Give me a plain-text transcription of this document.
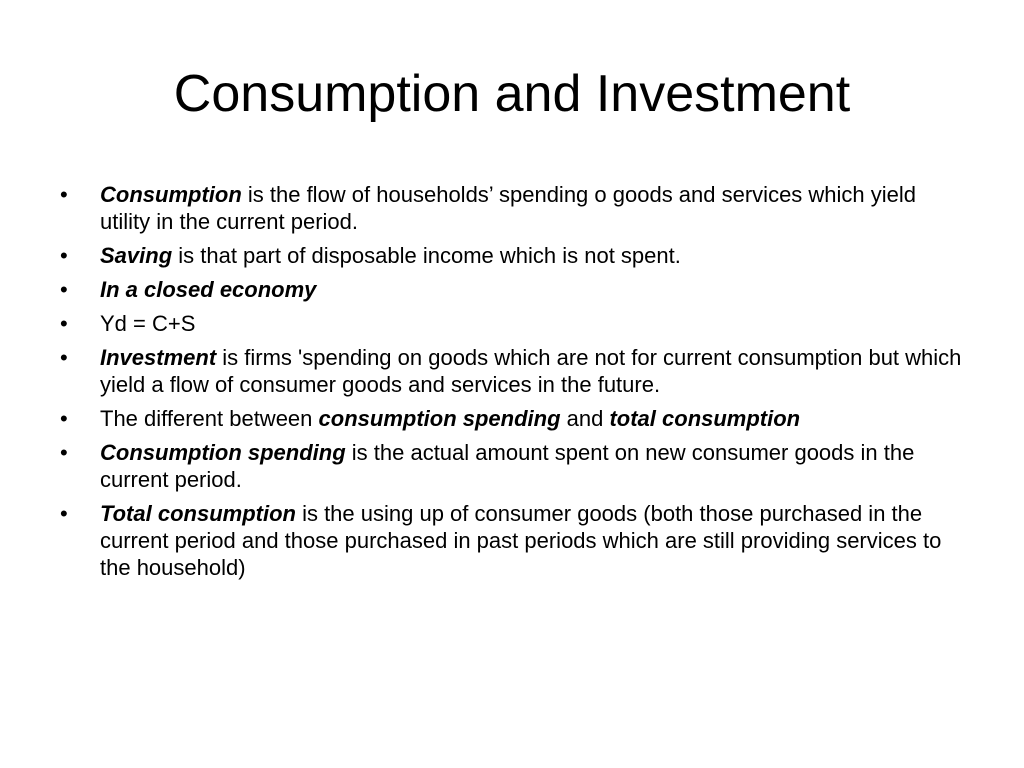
Consumption and Investment
•	Consumption is the flow of households’ spending o goods and services which yield utility in the current period.
•	Saving is that part of disposable income which is not spent.
•	In a closed economy
•	Yd = C+S
•	Investment is firms 'spending on goods which are not for current consumption but which yield a flow of consumer goods and services in the future.
•	The different between consumption spending and total consumption
•	Consumption spending is the actual amount spent on new consumer goods in the current period.
•	Total consumption is the using up of consumer goods (both those purchased in the current period and those purchased in past periods which are still providing services to the household)
